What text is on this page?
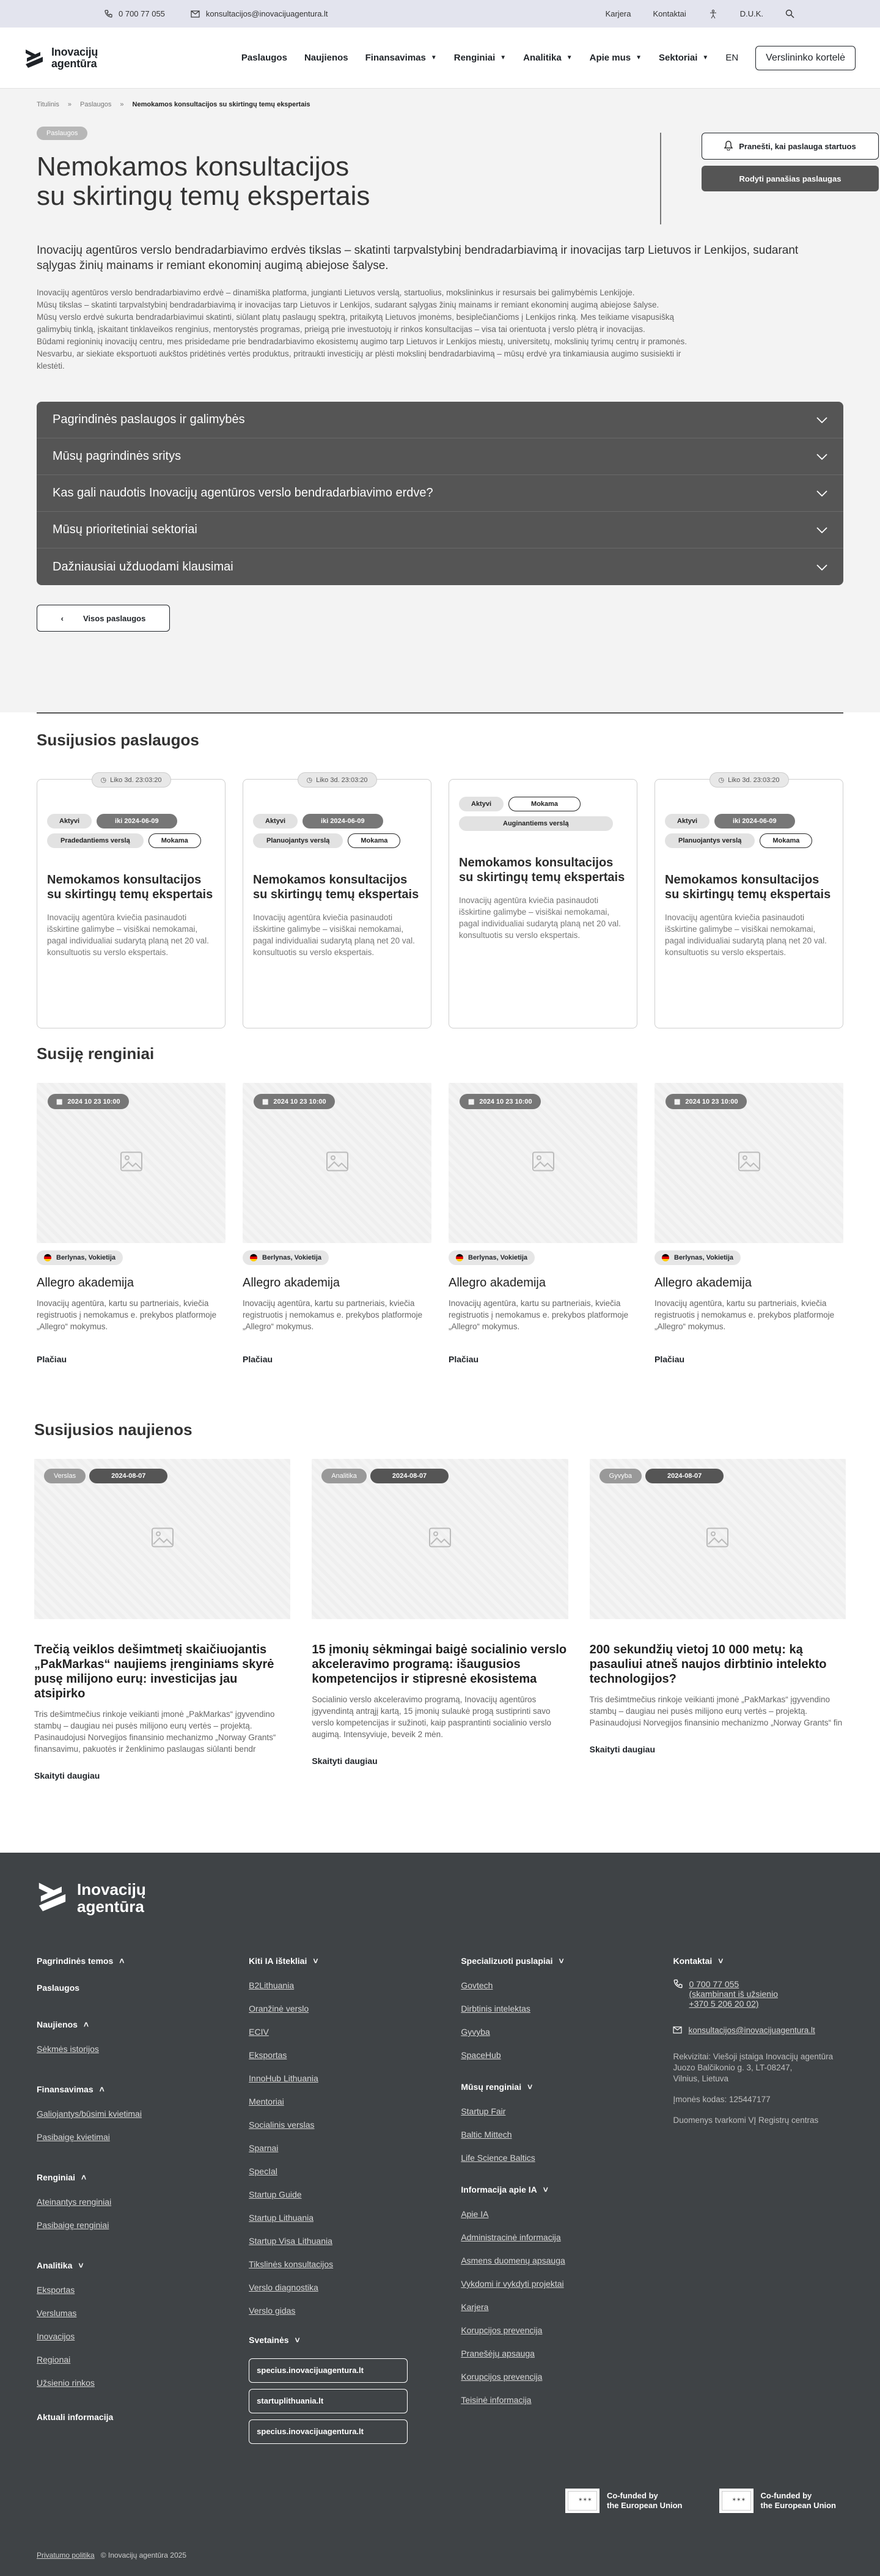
0 700 77 055	konsultacijos@inovacijuagentura.lt	Karjera	Kontaktai	D.U.K.
Inovacijų
agentūra	Paslaugos Naujienos Finansavimas ▼ Renginiai ▼ Analitika ▼ Apie mus ▼ Sektoriai ▼ EN	Verslininko kortelė
Titulinis » Paslaugos » Nemokamos konsultacijos su skirtingų temų ekspertais
Paslaugos
Nemokamos konsultacijos
su skirtingų temų ekspertais
Pranešti, kai paslauga startuos
Rodyti panašias paslaugas

Inovacijų agentūros verslo bendradarbiavimo erdvės tikslas – skatinti tarpvalstybinį bendradarbiavimą ir inovacijas tarp Lietuvos ir Lenkijos, sudarant sąlygas žinių mainams ir remiant ekonominį augimą abiejose šalyse.

Inovacijų agentūros verslo bendradarbiavimo erdvė – dinamiška platforma, jungianti Lietuvos verslą, startuolius, mokslininkus ir resursais bei galimybėmis Lenkijoje.
Mūsų tikslas – skatinti tarpvalstybinį bendradarbiavimą ir inovacijas tarp Lietuvos ir Lenkijos, sudarant sąlygas žinių mainams ir remiant ekonominį augimą abiejose šalyse.
Mūsų verslo erdvė sukurta bendradarbiavimui skatinti, siūlant platų paslaugų spektrą, pritaikytą Lietuvos įmonėms, besiplečiančioms į Lenkijos rinką. Mes teikiame visapusišką
galimybių tinklą, įskaitant tinklaveikos renginius, mentorystės programas, prieigą prie investuotojų ir rinkos konsultacijas – visa tai orientuota į verslo plėtrą ir inovacijas.
Būdami regioninių inovacijų centru, mes prisidedame prie bendradarbiavimo ekosistemų augimo tarp Lietuvos ir Lenkijos miestų, universitetų, mokslinių tyrimų centrų ir pramonės.
Nesvarbu, ar siekiate eksportuoti aukštos pridėtinės vertės produktus, pritraukti investicijų ar plėsti mokslinį bendradarbiavimą – mūsų erdvė yra tinkamiausia augimo susisiekti ir
klestėti.
Pagrindinės paslaugos ir galimybės
Mūsų pagrindinės sritys
Kas gali naudotis Inovacijų agentūros verslo bendradarbiavimo erdve?
Mūsų prioritetiniai sektoriai
Dažniausiai užduodami klausimai
‹ Visos paslaugos
Susijusios paslaugos
◷ Liko 3d. 23:03:20
Aktyvi	iki 2024-06-09
Pradedantiems verslą	Mokama
Nemokamos konsultacijos su skirtingų temų ekspertais

Inovacijų agentūra kviečia pasinaudoti išskirtine galimybe – visiškai nemokamai, pagal individualiai sudarytą planą net 20 val. konsultuotis su verslo ekspertais.

◷ Liko 3d. 23:03:20
Aktyvi	iki 2024-06-09
Planuojantys verslą	Mokama
Nemokamos konsultacijos su skirtingų temų ekspertais

Inovacijų agentūra kviečia pasinaudoti išskirtine galimybe – visiškai nemokamai, pagal individualiai sudarytą planą net 20 val. konsultuotis su verslo ekspertais.

Aktyvi	Mokama
Auginantiems verslą
Nemokamos konsultacijos su skirtingų temų ekspertais

Inovacijų agentūra kviečia pasinaudoti išskirtine galimybe – visiškai nemokamai, pagal individualiai sudarytą planą net 20 val. konsultuotis su verslo ekspertais.

◷ Liko 3d. 23:03:20
Aktyvi	iki 2024-06-09
Planuojantys verslą	Mokama
Nemokamos konsultacijos su skirtingų temų ekspertais

Inovacijų agentūra kviečia pasinaudoti išskirtine galimybe – visiškai nemokamai, pagal individualiai sudarytą planą net 20 val. konsultuotis su verslo ekspertais.

Susiję renginiai
▦ 2024 10 23 10:00
Berlynas, Vokietija
Allegro akademija

Inovacijų agentūra, kartu su partneriais, kviečia registruotis į nemokamus e. prekybos platformoje „Allegro“ mokymus.

Plačiau
▦ 2024 10 23 10:00
Berlynas, Vokietija
Allegro akademija

Inovacijų agentūra, kartu su partneriais, kviečia registruotis į nemokamus e. prekybos platformoje „Allegro“ mokymus.

Plačiau
▦ 2024 10 23 10:00
Berlynas, Vokietija
Allegro akademija

Inovacijų agentūra, kartu su partneriais, kviečia registruotis į nemokamus e. prekybos platformoje „Allegro“ mokymus.

Plačiau
▦ 2024 10 23 10:00
Berlynas, Vokietija
Allegro akademija

Inovacijų agentūra, kartu su partneriais, kviečia registruotis į nemokamus e. prekybos platformoje „Allegro“ mokymus.

Plačiau
Susijusios naujienos
Verslas	2024-08-07
Trečią veiklos dešimtmetį skaičiuojantis „PakMarkas“ naujiems įrenginiams skyrė pusę milijono eurų: investicijas jau atsipirko

Tris dešimtmečius rinkoje veikianti įmonė „PakMarkas“ įgyvendino stambų – daugiau nei pusės milijono eurų vertės – projektą. Pasinaudojusi Norvegijos finansinio mechanizmo „Norway Grants“ finansavimu, pakuotės ir ženklinimo paslaugas siūlanti bendr

Skaityti daugiau
Analitika	2024-08-07
15 įmonių sėkmingai baigė socialinio verslo akceleravimo programą: išaugusios kompetencijos ir stipresnė ekosistema

Socialinio verslo akceleravimo programą, Inovacijų agentūros įgyvendintą antrąjį kartą, 15 įmonių sulaukė progą sustiprinti savo verslo kompetencijas ir sužinoti, kaip pasprantinti socialinio verslo augimą. Intensyviuje, beveik 2 mėn.

Skaityti daugiau
Gyvyba	2024-08-07
200 sekundžių vietoj 10 000 metų: ką pasauliui atneš naujos dirbtinio intelekto technologijos?

Tris dešimtmečius rinkoje veikianti įmonė „PakMarkas“ įgyvendino stambų – daugiau nei pusės milijono eurų vertės – projektą. Pasinaudojusi Norvegijos finansinio mechanizmo „Norway Grants“ fin

Skaityti daugiau
Inovacijų
agentūra
Pagrindinės temos ˄
Paslaugos
Naujienos ˄
Sėkmės istorijos
Finansavimas ˄
Galiojantys/būsimi kvietimai
Pasibaigę kvietimai
Renginiai ˄
Ateinantys renginiai
Pasibaigę renginiai
Analitika ˅
Eksportas
Verslumas
Inovacijos
Regionai
Užsienio rinkos
Aktuali informacija
Kiti IA ištekliai ˅
B2Lithuania
Oranžinė verslo
ECIV
Eksportas
InnoHub Lithuania
Mentoriai
Socialinis verslas
Sparnai
SpecIal
Startup Guide
Startup Lithuania
Startup Visa Lithuania
Tikslinės konsultacijos
Verslo diagnostika
Verslo gidas
Svetainės ˅
specius.inovacijuagentura.lt
startuplithuania.lt
specius.inovacijuagentura.lt
Specializuoti puslapiai ˅
Govtech
Dirbtinis intelektas
Gyvyba
SpaceHub
Mūsų renginiai ˅
Startup Fair
Baltic Mittech
Life Science Baltics
Informacija apie IA ˅
Apie IA
Administracinė informacija
Asmens duomenų apsauga
Vykdomi ir vykdyti projektai
Karjera
Korupcijos prevencija
Pranešėjų apsauga
Korupcijos prevencija
Teisinė informacija
Kontaktai ˅
0 700 77 055
(skambinant iš užsienio
+370 5 206 20 02)
konsultacijos@inovacijuagentura.lt
Rekvizitai: Viešoji įstaiga Inovacijų agentūra
Juozo Balčikonio g. 3, LT-08247,
Vilnius, Lietuva
Įmonės kodas: 125447177
Duomenys tvarkomi VĮ Registrų centras
✶✶✶ Co-funded by
the European Union
✶✶✶ Co-funded by
the European Union
Privatumo politika © Inovacijų agentūra 2025
